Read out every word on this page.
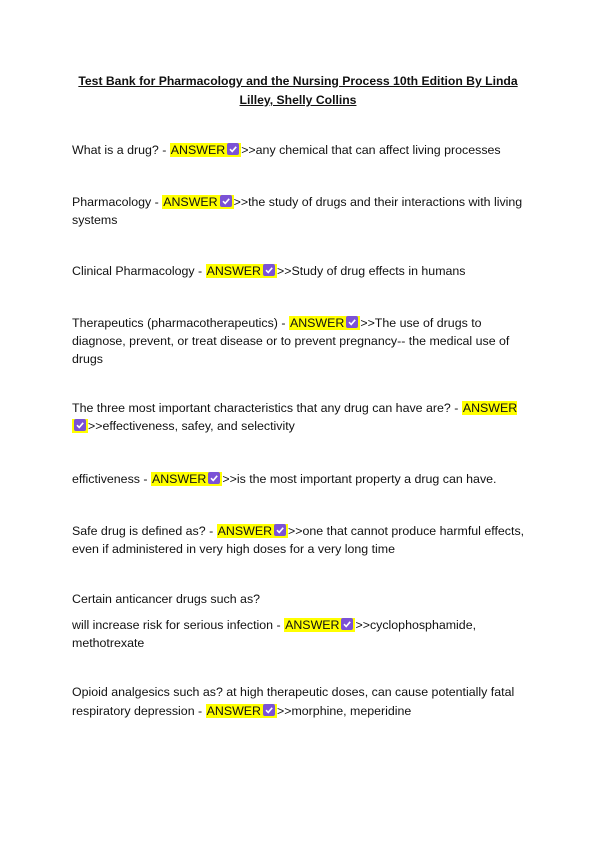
Test Bank for Pharmacology and the Nursing Process 10th Edition By Linda Lilley, Shelly Collins
What is a drug? - ANSWER >>any chemical that can affect living processes
Pharmacology - ANSWER >>the study of drugs and their interactions with living systems
Clinical Pharmacology - ANSWER >>Study of drug effects in humans
Therapeutics (pharmacotherapeutics) - ANSWER >>The use of drugs to diagnose, prevent, or treat disease or to prevent pregnancy-- the medical use of drugs
The three most important characteristics that any drug can have are? - ANSWER
>>effectiveness, safey, and selectivity
effictiveness - ANSWER >>is the most important property a drug can have.
Safe drug is defined as? - ANSWER >>one that cannot produce harmful effects, even if administered in very high doses for a very long time
Certain anticancer drugs such as?
will increase risk for serious infection - ANSWER >>cyclophosphamide, methotrexate
Opioid analgesics such as? at high therapeutic doses, can cause potentially fatal
respiratory depression - ANSWER >>morphine, meperidine
